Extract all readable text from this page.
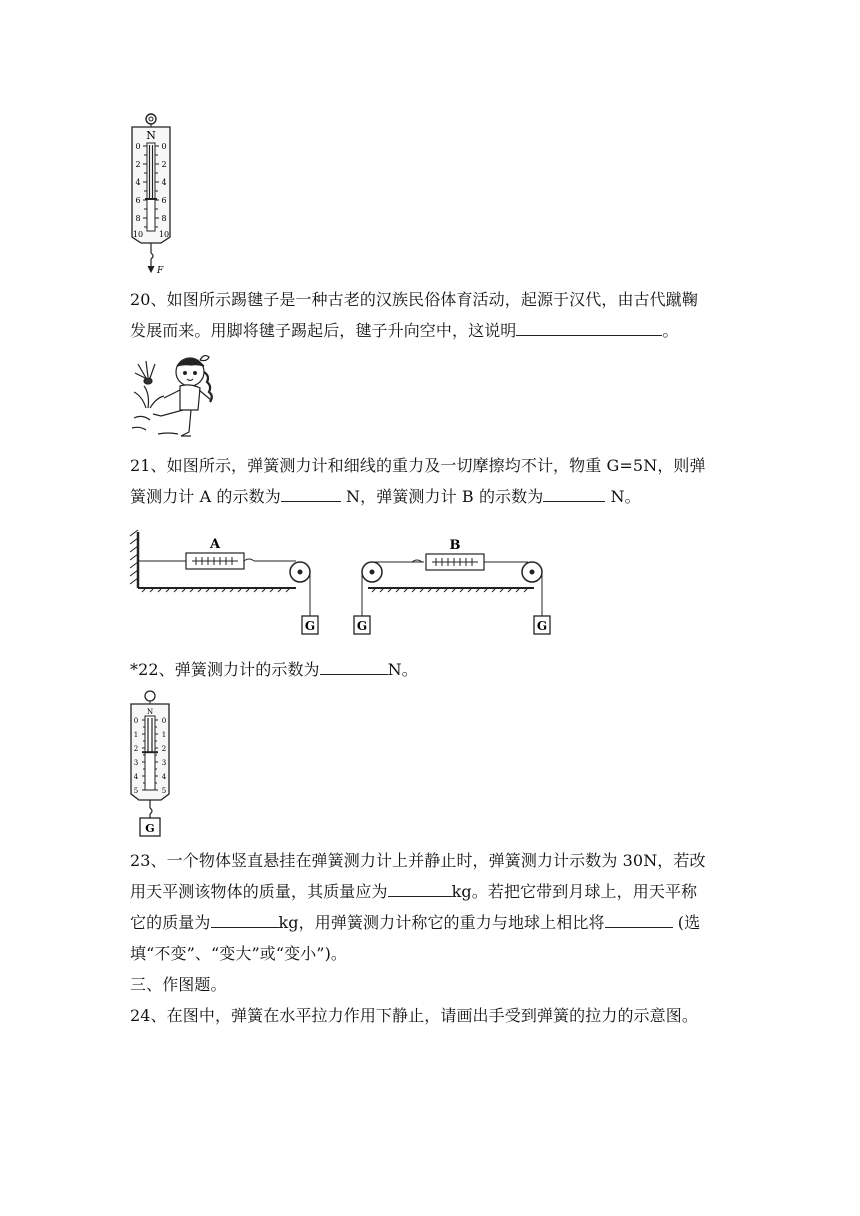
N
0
2
4
6
8
10
0
2
4
6
8
10
F
20、如图所示踢毽子是一种古老的汉族民俗体育活动，起源于汉代，由古代蹴鞠
发展而来。用脚将毽子踢起后，毽子升向空中，这说明	。
21、如图所示，弹簧测力计和细线的重力及一切摩擦均不计，物重 G=5N，则弹
簧测力计 A 的示数为	N，弹簧测力计 B 的示数为	N。
A	B
G	G	G
*22、弹簧测力计的示数为	N。
N
0
1
2
3
4
5
0
1
2
3
4
5
G
23、一个物体竖直悬挂在弹簧测力计上并静止时，弹簧测力计示数为 30N，若改
用天平测该物体的质量，其质量应为	kg。若把它带到月球上，用天平称
它的质量为	kg，用弹簧测力计称它的重力与地球上相比将	(选
填“不变”、“变大”或“变小”)。
三、作图题。
24、在图中，弹簧在水平拉力作用下静止，请画出手受到弹簧的拉力的示意图。
